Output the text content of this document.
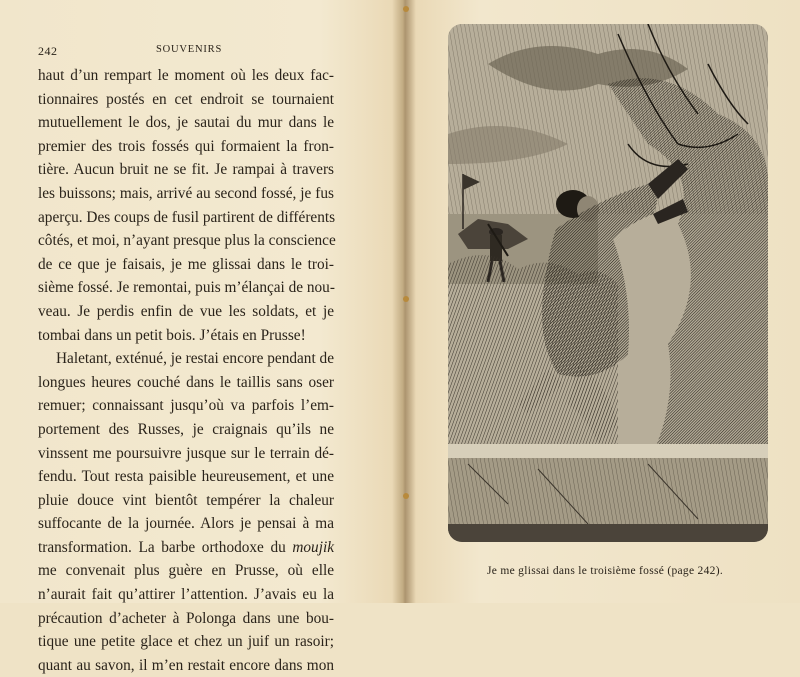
242	SOUVENIRS
haut d’un rempart le moment où les deux fac-
tionnaires postés en cet endroit se tournaient
mutuellement le dos, je sautai du mur dans le
premier des trois fossés qui formaient la fron-
tière. Aucun bruit ne se fit. Je rampai à travers
les buissons; mais, arrivé au second fossé, je fus
aperçu. Des coups de fusil partirent de différents
côtés, et moi, n’ayant presque plus la conscience
de ce que je faisais, je me glissai dans le troi-
sième fossé. Je remontai, puis m’élançai de nou-
veau. Je perdis enfin de vue les soldats, et je
tombai dans un petit bois. J’étais en Prusse!
Haletant, exténué, je restai encore pendant de
longues heures couché dans le taillis sans oser
remuer; connaissant jusqu’où va parfois l’em-
portement des Russes, je craignais qu’ils ne
vinssent me poursuivre jusque sur le terrain dé-
fendu. Tout resta paisible heureusement, et une
pluie douce vint bientôt tempérer la chaleur
suffocante de la journée. Alors je pensai à ma
transformation. La barbe orthodoxe du moujik
me convenait plus guère en Prusse, où elle
n’aurait fait qu’attirer l’attention. J’avais eu la
précaution d’acheter à Polonga dans une bou-
tique une petite glace et chez un juif un rasoir;
quant au savon, il m’en restait encore dans mon
Je me glissai dans le troisième fossé (page 242).
